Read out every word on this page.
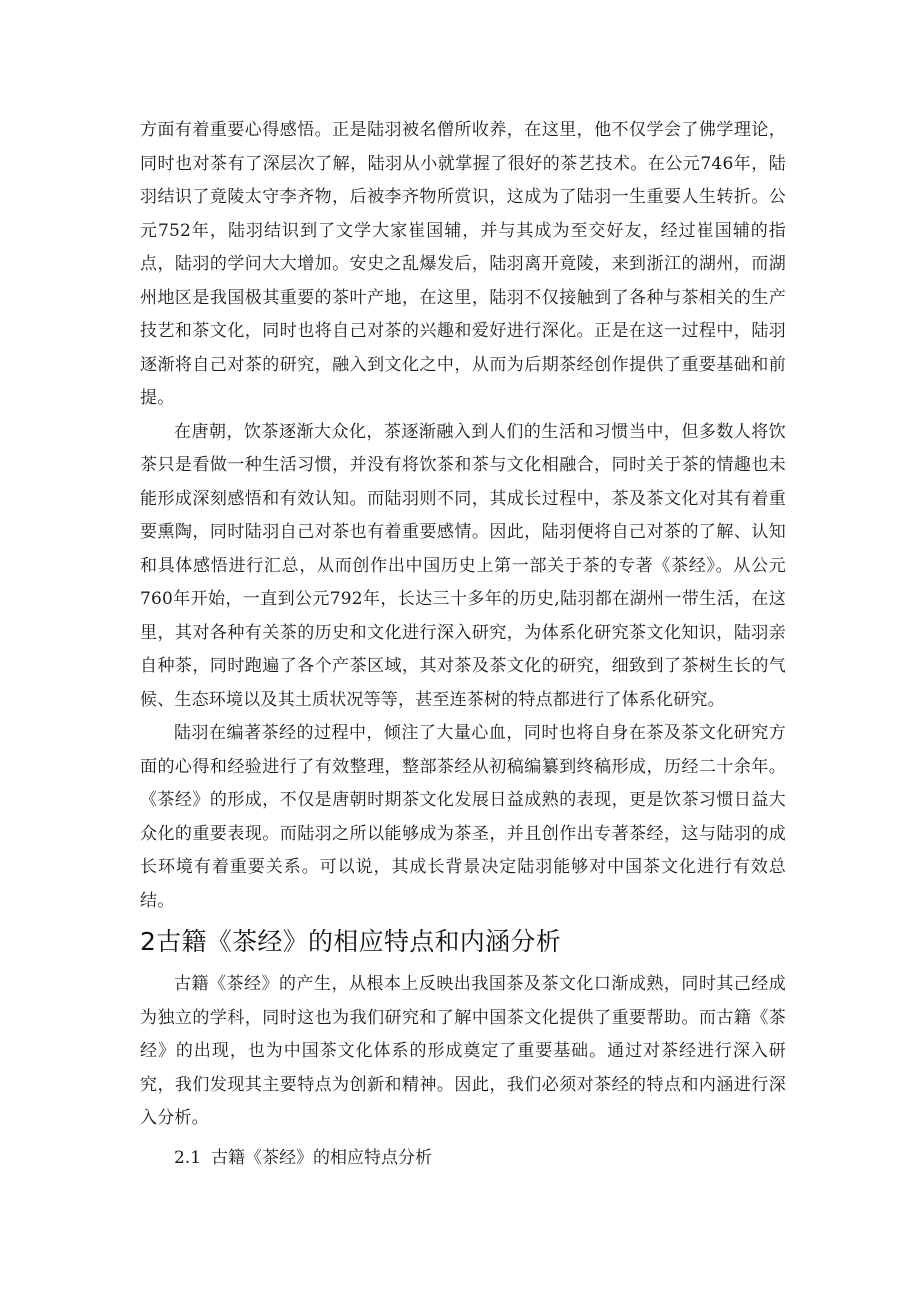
方面有着重要心得感悟。正是陆羽被名僧所收养，在这里，他不仅学会了佛学理论，同时也对茶有了深层次了解，陆羽从小就掌握了很好的茶艺技术。在公元746年，陆羽结识了竟陵太守李齐物，后被李齐物所赏识，这成为了陆羽一生重要人生转折。公元752年，陆羽结识到了文学大家崔国辅，并与其成为至交好友，经过崔国辅的指点，陆羽的学问大大增加。安史之乱爆发后，陆羽离开竟陵，来到浙江的湖州，而湖州地区是我国极其重要的茶叶产地，在这里，陆羽不仅接触到了各种与茶相关的生产技艺和茶文化，同时也将自己对茶的兴趣和爱好进行深化。正是在这一过程中，陆羽逐渐将自己对茶的研究，融入到文化之中，从而为后期茶经创作提供了重要基础和前提。

在唐朝，饮茶逐渐大众化，茶逐渐融入到人们的生活和习惯当中，但多数人将饮茶只是看做一种生活习惯，并没有将饮茶和茶与文化相融合，同时关于茶的情趣也未能形成深刻感悟和有效认知。而陆羽则不同，其成长过程中，茶及茶文化对其有着重要熏陶，同时陆羽自己对茶也有着重要感情。因此，陆羽便将自己对茶的了解、认知和具体感悟进行汇总，从而创作出中国历史上第一部关于茶的专著《茶经》。从公元760年开始，一直到公元792年，长达三十多年的历史,陆羽都在湖州一带生活，在这里，其对各种有关茶的历史和文化进行深入研究，为体系化研究茶文化知识，陆羽亲自种茶，同时跑遍了各个产茶区域，其对茶及茶文化的研究，细致到了茶树生长的气候、生态环境以及其土质状况等等，甚至连茶树的特点都进行了体系化研究。

陆羽在编著茶经的过程中，倾注了大量心血，同时也将自身在茶及茶文化研究方面的心得和经验进行了有效整理，整部茶经从初稿编纂到终稿形成，历经二十余年。《茶经》的形成，不仅是唐朝时期茶文化发展日益成熟的表现，更是饮茶习惯日益大众化的重要表现。而陆羽之所以能够成为茶圣，并且创作出专著茶经，这与陆羽的成长环境有着重要关系。可以说，其成长背景决定陆羽能够对中国茶文化进行有效总结。

2古籍《茶经》的相应特点和内涵分析

古籍《茶经》的产生，从根本上反映出我国茶及茶文化口渐成熟，同时其己经成为独立的学科，同时这也为我们研究和了解中国茶文化提供了重要帮助。而古籍《茶经》的出现，也为中国茶文化体系的形成奠定了重要基础。通过对茶经进行深入研究，我们发现其主要特点为创新和精神。因此，我们必须对茶经的特点和内涵进行深入分析。

2.1 古籍《茶经》的相应特点分析
